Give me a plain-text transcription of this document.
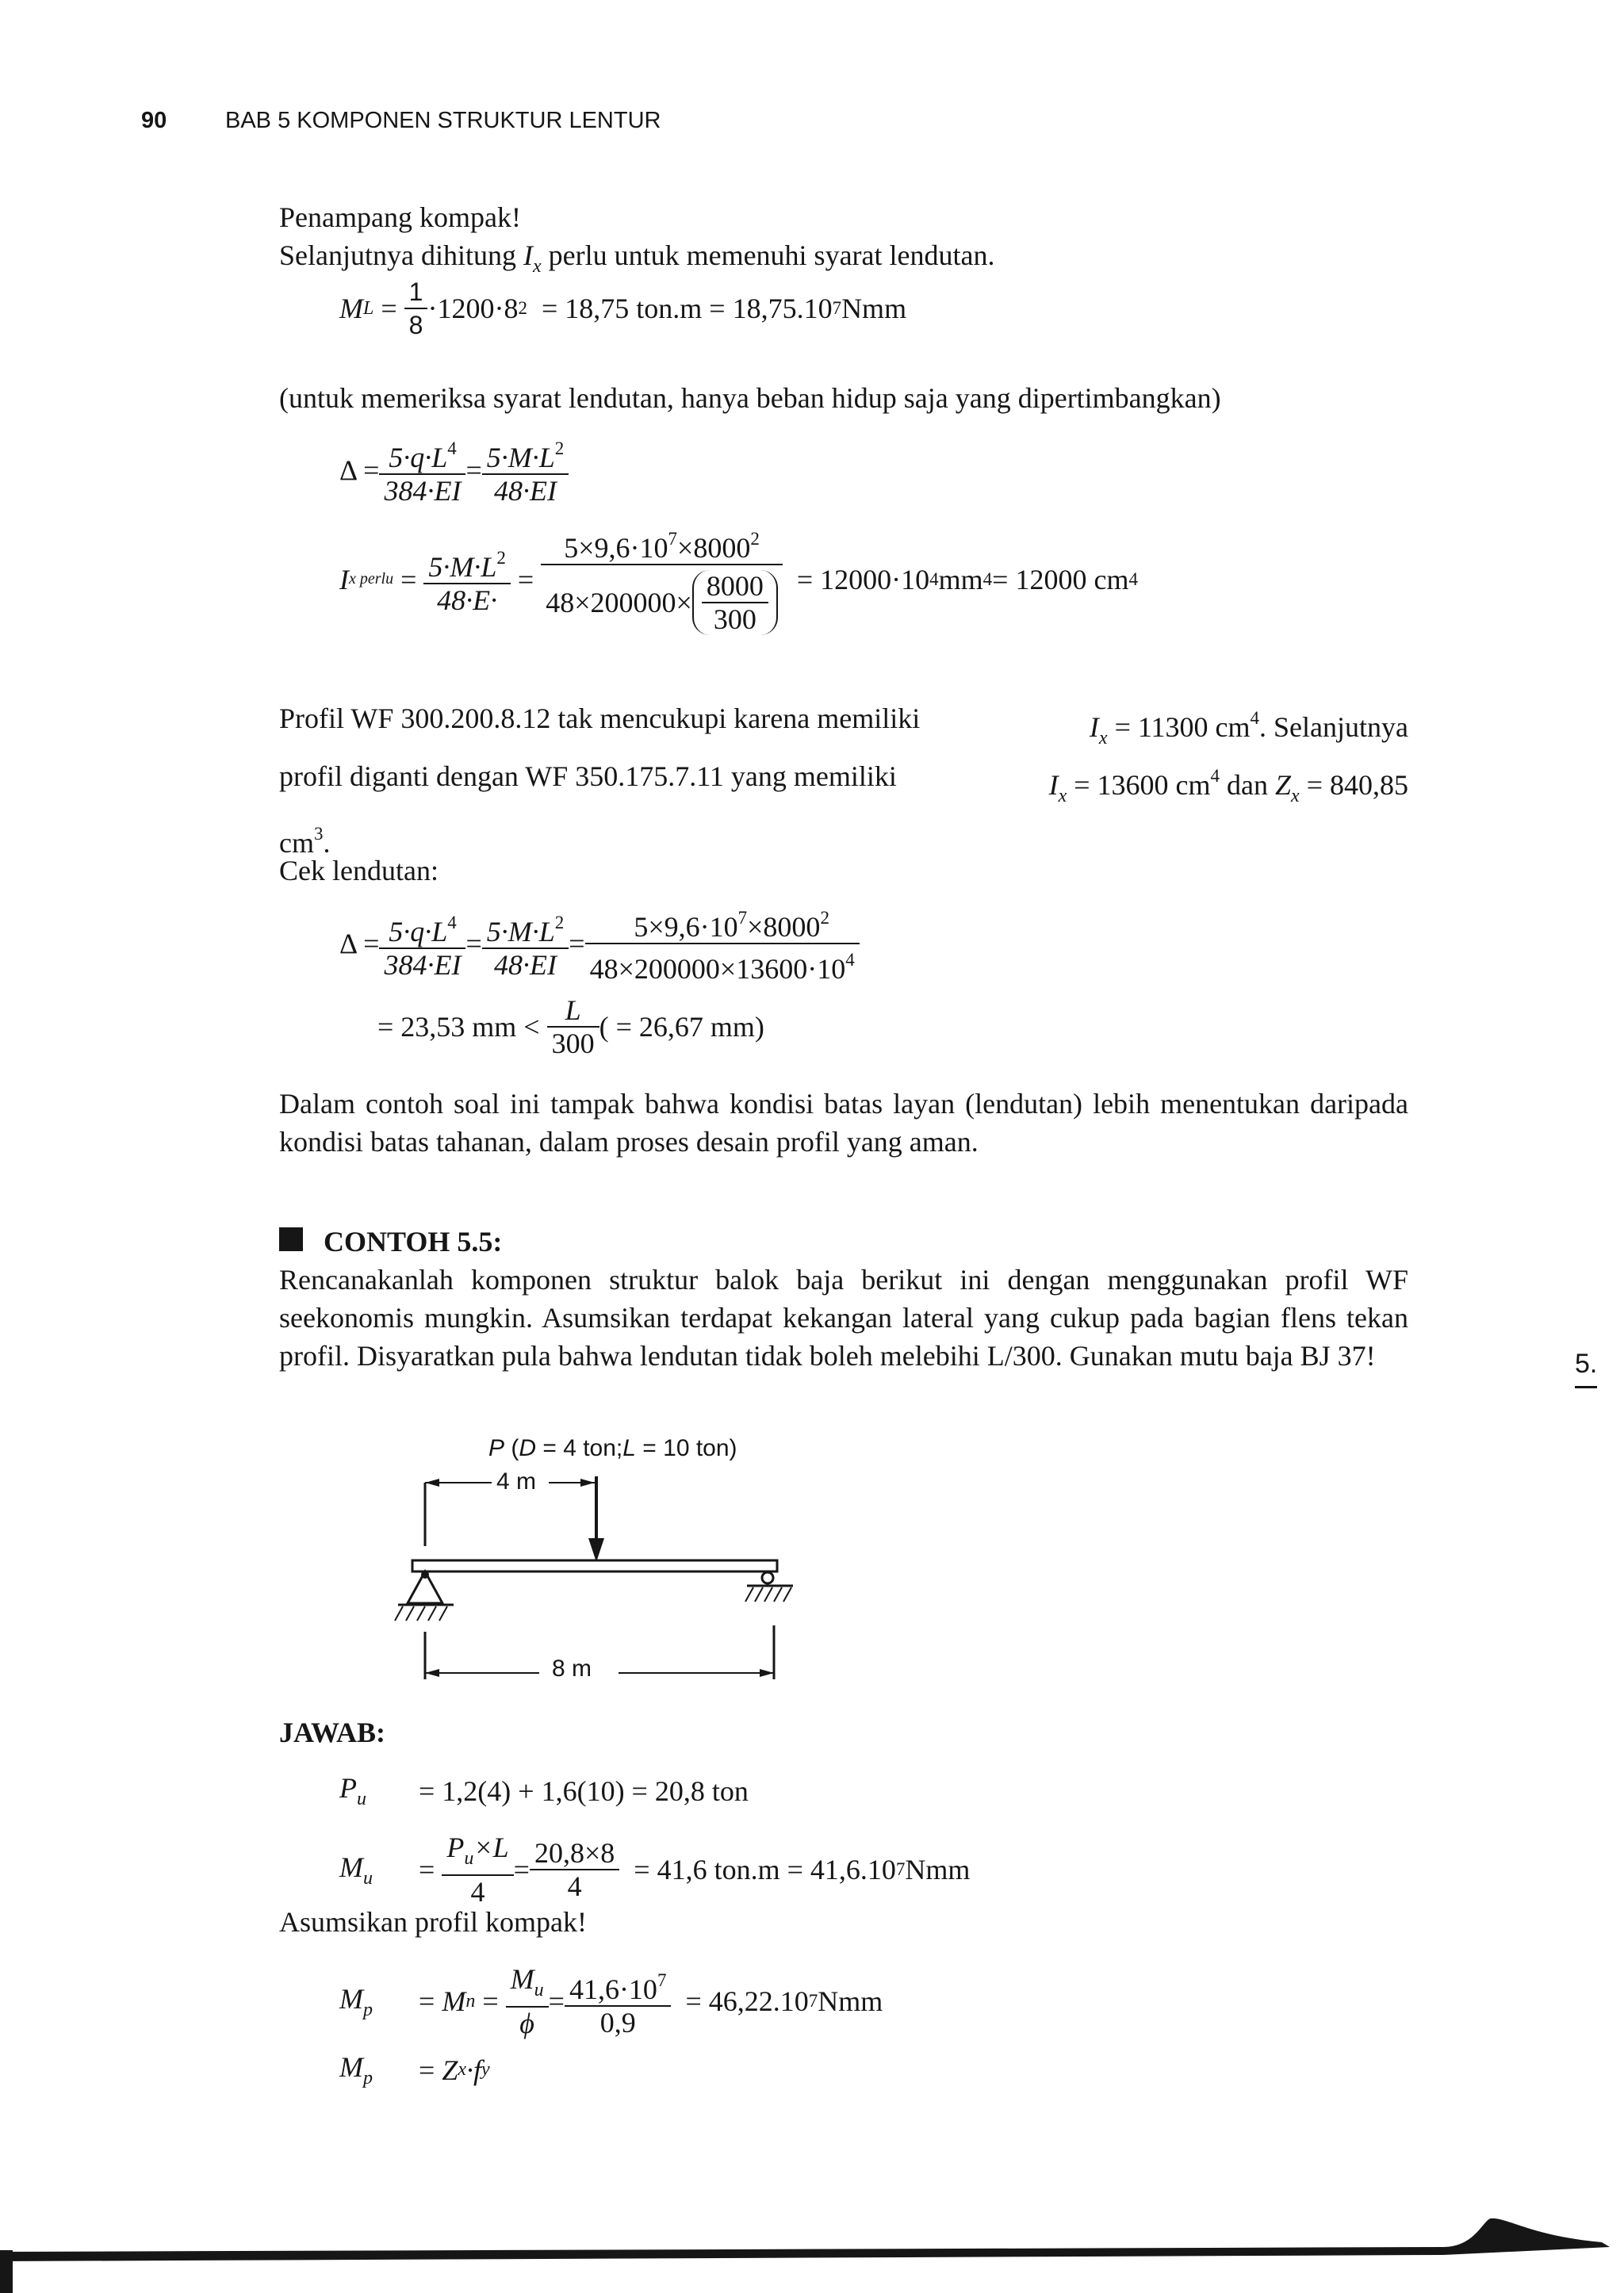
90	BAB 5 KOMPONEN STRUKTUR LENTUR
Penampang kompak!
Selanjutnya dihitung $I_x$ perlu untuk memenuhi syarat lendutan.
M $L = \frac{1}{8} \cdot 1200\cdot 8$ 2
= 18,75 ton.m = 18,75.10 7 Nmm
(untuk memeriksa syarat lendutan, hanya beban hidup saja yang dipertimbangkan)
$\Delta = \frac{5\cdot q\cdot L^4}{384\cdot EI} = \frac{5\cdot M\cdot L^2}{48\cdot EI}$
I x perlu = $\frac{5\cdot M\cdot L^2}{48\cdot E\cdot} = \frac{5\times 9,6\cdot 10^7\times 8000^2}{48\times 200000\times \frac{8000}{300}}$
= 12000·10 4 mm 4 = 12000 cm 4
Profil WF 300.200.8.12 tak mencukupi karena memiliki	$I_x = 11300$ $cm^4$. Selanjutnya
profil diganti dengan WF 350.175.7.11 yang memiliki	$I_x = 13600$ $cm^4$ dan $Z_x = 840,85$
$cm^3$.
Cek lendutan:
$\Delta = \frac{5\cdot q\cdot L^4}{384\cdot EI} = \frac{5\cdot M\cdot L^2}{48\cdot EI} = \frac{5\times 9,6\cdot 10^7\times 8000^2}{48\times 200000\times 13600\cdot 10^4}$
= 23,53 mm <
$\frac{L}{300}$ ( = 26,67 mm)
Dalam contoh soal ini tampak bahwa kondisi batas layan (lendutan) lebih menentukan daripada kondisi batas tahanan, dalam proses desain profil yang aman.
CONTOH 5.5:
Rencanakanlah komponen struktur balok baja berikut ini dengan menggunakan profil WF seekonomis mungkin. Asumsikan terdapat kekangan lateral yang cukup pada bagian flens tekan profil. Disyaratkan pula bahwa lendutan tidak boleh melebihi L/300. Gunakan mutu baja BJ 37!	5.
P (D = 4 ton;L = 10 ton)
4 m
8 m
JAWAB:
$P_u$	= 1,2(4) + 1,6(10) = 20,8 ton
$M_u$	= $\frac{P_u\times L}{4} = \frac{20,8\times 8}{4}$
= 41,6 ton.m = 41,6.10 7 Nmm
Asumsikan profil kompak!
$M_p$	= M $n = \frac{M_u}{\phi} = \frac{41,6\cdot 10^7}{0,9}$
= 46,22.10 7 Nmm
$M_p$	= Z x ·f y
